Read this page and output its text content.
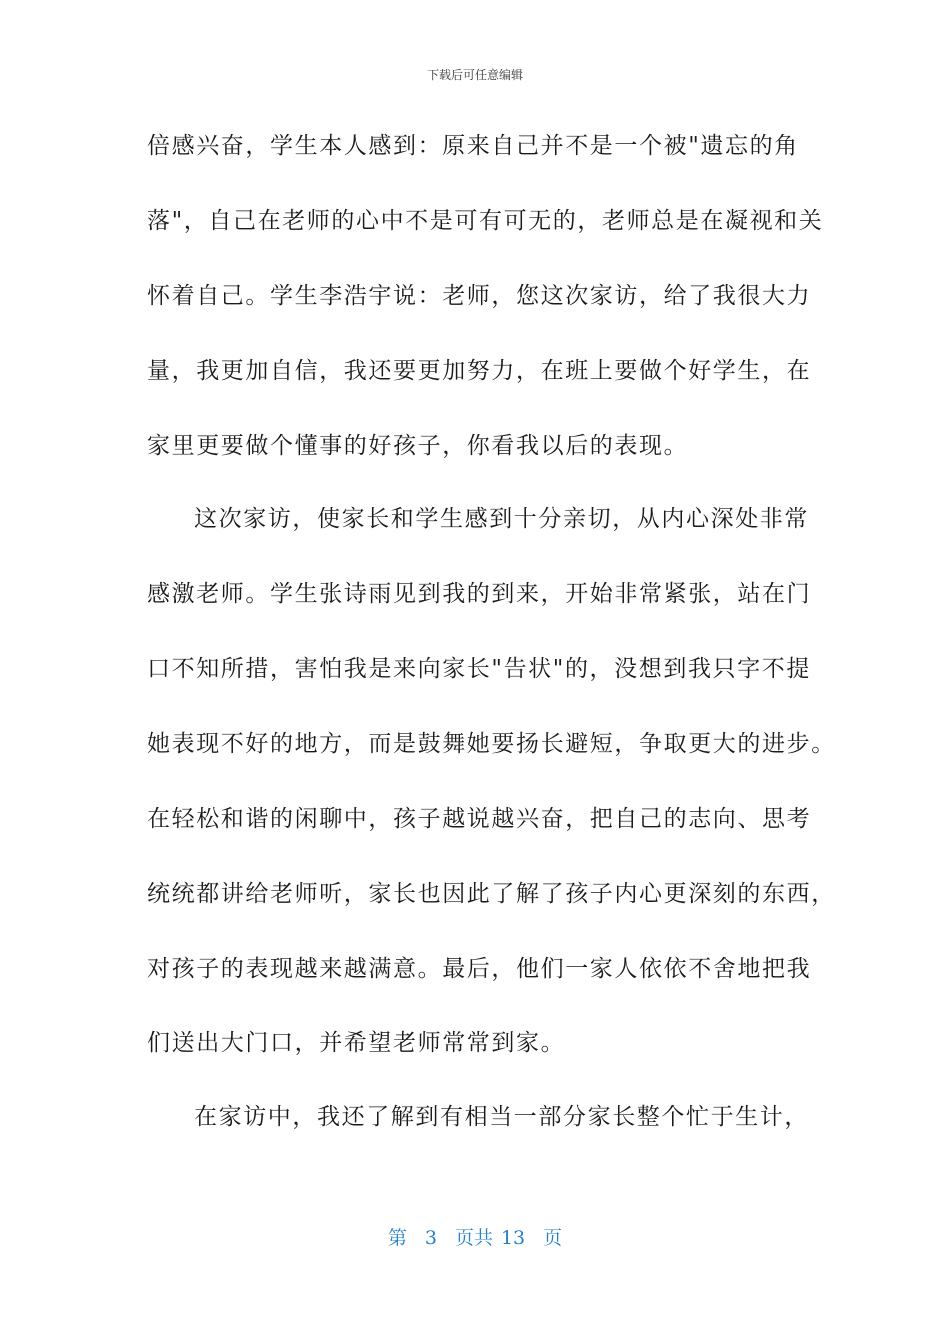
下载后可任意编辑
倍感兴奋，学生本人感到：原来自己并不是一个被"遗忘的角
落"，自己在老师的心中不是可有可无的，老师总是在凝视和关
怀着自己。学生李浩宇说：老师，您这次家访，给了我很大力
量，我更加自信，我还要更加努力，在班上要做个好学生，在
家里更要做个懂事的好孩子，你看我以后的表现。
这次家访，使家长和学生感到十分亲切，从内心深处非常
感激老师。学生张诗雨见到我的到来，开始非常紧张，站在门
口不知所措，害怕我是来向家长"告状"的，没想到我只字不提
她表现不好的地方，而是鼓舞她要扬长避短，争取更大的进步。
在轻松和谐的闲聊中，孩子越说越兴奋，把自己的志向、思考
统统都讲给老师听，家长也因此了解了孩子内心更深刻的东西，
对孩子的表现越来越满意。最后，他们一家人依依不舍地把我
们送出大门口，并希望老师常常到家。
在家访中，我还了解到有相当一部分家长整个忙于生计，
第 3 页共 13 页
